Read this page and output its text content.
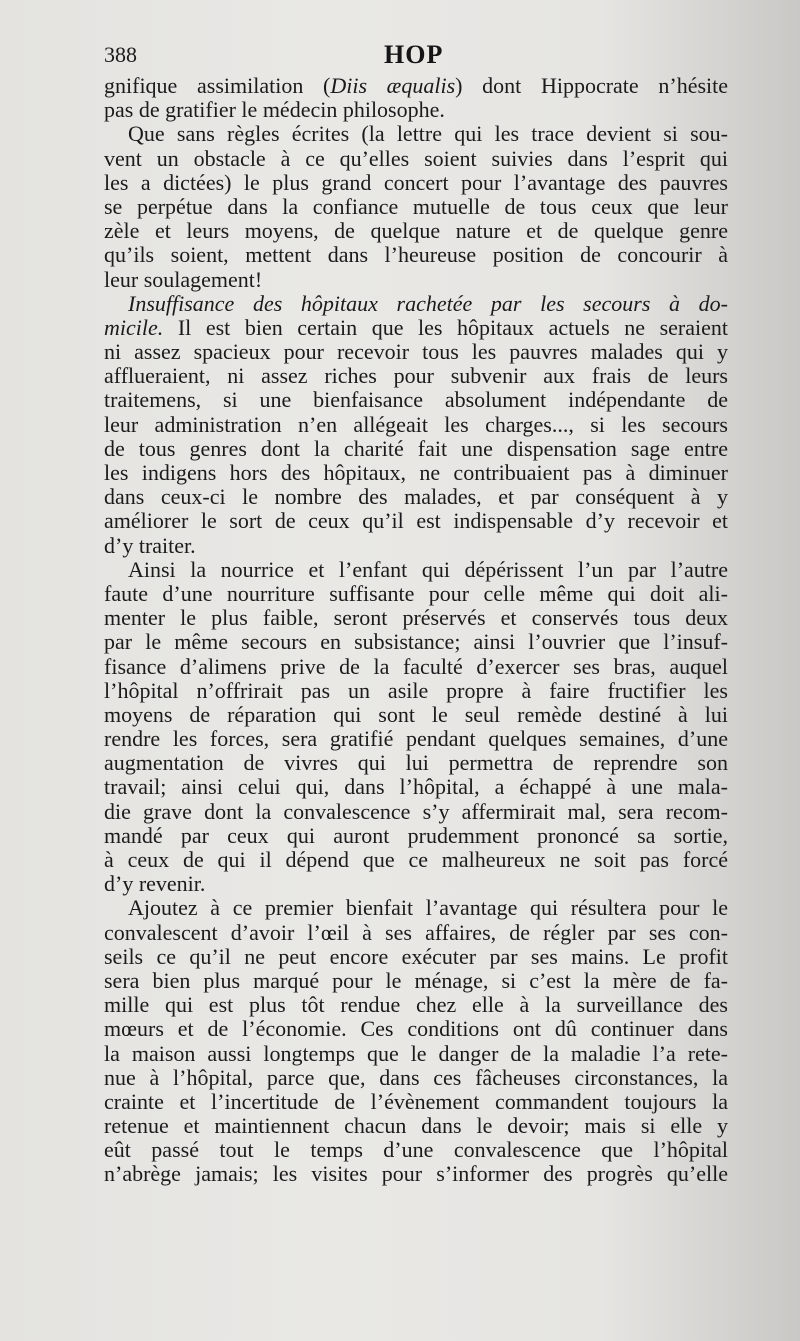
388	HOP
gnifique assimilation (Diis æqualis) dont Hippocrate n’hésite
pas de gratifier le médecin philosophe.
Que sans règles écrites (la lettre qui les trace devient si sou-
vent un obstacle à ce qu’elles soient suivies dans l’esprit qui
les a dictées) le plus grand concert pour l’avantage des pauvres
se perpétue dans la confiance mutuelle de tous ceux que leur
zèle et leurs moyens, de quelque nature et de quelque genre
qu’ils soient, mettent dans l’heureuse position de concourir à
leur soulagement!
Insuffisance des hôpitaux rachetée par les secours à do-
micile. Il est bien certain que les hôpitaux actuels ne seraient
ni assez spacieux pour recevoir tous les pauvres malades qui y
afflueraient, ni assez riches pour subvenir aux frais de leurs
traitemens, si une bienfaisance absolument indépendante de
leur administration n’en allégeait les charges..., si les secours
de tous genres dont la charité fait une dispensation sage entre
les indigens hors des hôpitaux, ne contribuaient pas à diminuer
dans ceux-ci le nombre des malades, et par conséquent à y
améliorer le sort de ceux qu’il est indispensable d’y recevoir et
d’y traiter.
Ainsi la nourrice et l’enfant qui dépérissent l’un par l’autre
faute d’une nourriture suffisante pour celle même qui doit ali-
menter le plus faible, seront préservés et conservés tous deux
par le même secours en subsistance; ainsi l’ouvrier que l’insuf-
fisance d’alimens prive de la faculté d’exercer ses bras, auquel
l’hôpital n’offrirait pas un asile propre à faire fructifier les
moyens de réparation qui sont le seul remède destiné à lui
rendre les forces, sera gratifié pendant quelques semaines, d’une
augmentation de vivres qui lui permettra de reprendre son
travail; ainsi celui qui, dans l’hôpital, a échappé à une mala-
die grave dont la convalescence s’y affermirait mal, sera recom-
mandé par ceux qui auront prudemment prononcé sa sortie,
à ceux de qui il dépend que ce malheureux ne soit pas forcé
d’y revenir.
Ajoutez à ce premier bienfait l’avantage qui résultera pour le
convalescent d’avoir l’œil à ses affaires, de régler par ses con-
seils ce qu’il ne peut encore exécuter par ses mains. Le profit
sera bien plus marqué pour le ménage, si c’est la mère de fa-
mille qui est plus tôt rendue chez elle à la surveillance des
mœurs et de l’économie. Ces conditions ont dû continuer dans
la maison aussi longtemps que le danger de la maladie l’a rete-
nue à l’hôpital, parce que, dans ces fâcheuses circonstances, la
crainte et l’incertitude de l’évènement commandent toujours la
retenue et maintiennent chacun dans le devoir; mais si elle y
eût passé tout le temps d’une convalescence que l’hôpital
n’abrège jamais; les visites pour s’informer des progrès qu’elle
